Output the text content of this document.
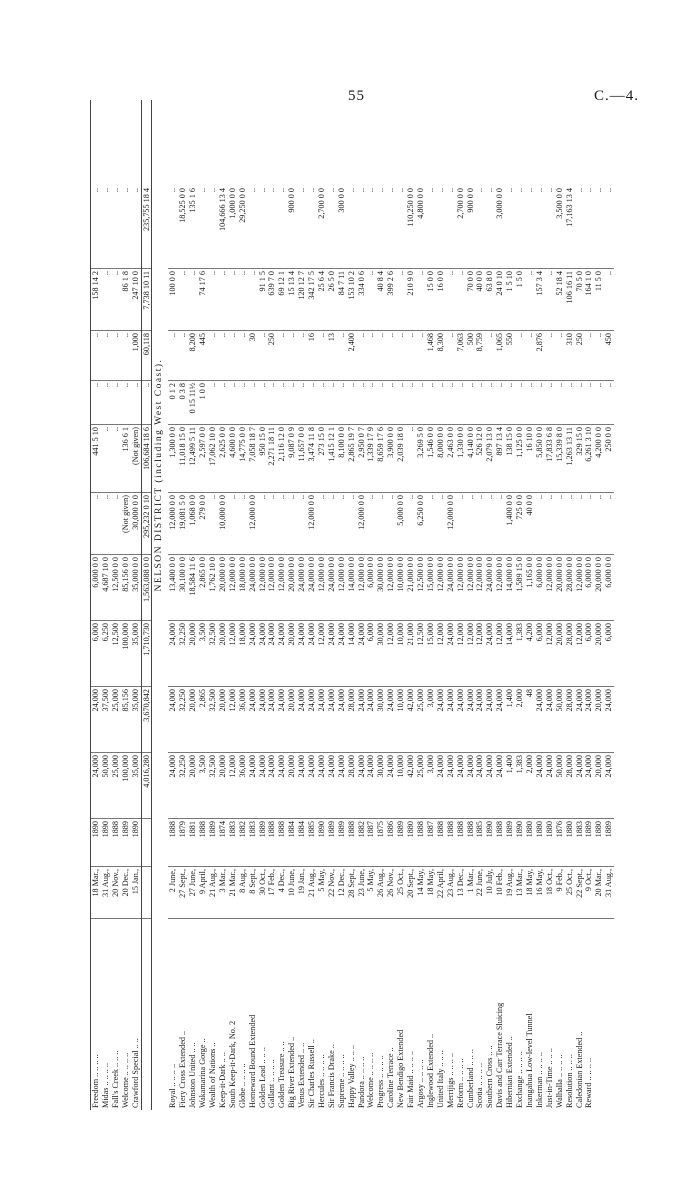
55	C.—4.
Freedom .. .. .. ..
18 Mar.,
1890
24,000
24,000
6,000
6,000 0 0
..
441 5 10
..
..
158 14 2
..
Midas .. .. .. ..
31 Aug.,
1890
50,000
37,500
6,250
4,687 10 0
..
..
..
..
..
..
Fall's Creek .. .. ..
20 Nov.,
1888
25,000
25,000
12,500
12,500 0 0
..
..
..
..
..
..
Welcome .. .. .. ..
20 Dec.,
1889
100,000
85,156
100,000
85,156 0 0
(Not given)
136 6 1
..
..
86 1 8
..
Crawford Special .. ..
15 Jan.,
1890
35,000
35,000
35,000
35,000 0 0
30,000 0 0
(Not given)
..
1,000
247 10 0
..

4,016,280
3,670,842
1,710,730
1,563,088 0 0
295,232 0 10
106,684 18 6
..
60,118
7,738 10 11
235,755 18 4
NELSON DISTRICT (including West Coast).
Royal .. .. .. ..
2 June,
1888
24,000
24,000
24,000
13,400 0 0
12,000 0 0
1,300 0 0
0 1 2
..
100 0 0
..
Fiery Cross Extended ..
27 Sept.,
1879
32,250
32,250
32,250
30,100 0 0
19,081 5 0
11,018 15 0
0 3 8
..
..
18,525 0 0
Johnston United .. ..
27 June,
1881
20,000
20,000
20,000
18,584 11 6
1,068 0 0
12,499 5 11
0 15 11½
8,200
..
135 1 6
Wakamarina Gorge ..
9 April,
1888
3,500
2,865
3,500
2,865 0 0
279 0 0
2,597 0 0
1 0 0
445
74 17 6
..
Wealth of Nations ..
21 Aug.,
1889
32,500
32,500
32,500
1,762 10 0
..
17,062 10 0
..
..
..
..
Keep-it-Dark .. ..
3 Mar.,
1874
20,000
20,000
20,000
20,000 0 0
10,000 0 0
2,625 0 0
..
..
..
104,666 13 4
South Keep-it-Dark, No. 2
21 Mar.,
1883
12,000
12,000
12,000
12,000 0 0
..
4,600 0 0
..
..
..
1,000 0 0
Globe .. .. .. ..
8 Aug.,
1882
36,000
36,000
18,000
18,000 0 0
..
14,775 0 0
..
..
..
29,250 0 0
Homeward Bound Extended
8 Sept.,
1883
24,000
24,000
24,000
24,000 0 0
12,000 0 0
7,058 18 7
..
30
..
..
Golden Lead .. .. ..
30 Oct.,
1889
24,000
24,000
24,000
12,000 0 0
..
950 15 0
..
..
91 1 5
..
Gallant .. .. .. ..
17 Feb.,
1888
24,000
24,000
24,000
12,000 0 0
..
2,271 18 11
..
250
639 7 0
..
Golden Treasure .. ..
4 Dec.,
1888
24,000
24,000
24,000
12,000 0 0
..
2,116 12 0
..
..
69 12 1
..
Big River Extended ..
10 June,
1884
20,000
20,000
20,000
20,000 0 0
..
9,087 0 9
..
..
15 13 4
900 0 0
Venus Extended .. ..
19 Jan.,
1884
24,000
24,000
24,000
24,000 0 0
..
11,657 0 0
..
..
120 12 7
..
Sir Charles Russell ..
21 Aug.,
1885
24,000
24,000
24,000
24,000 0 0
12,000 0 0
3,474 11 8
..
16
342 17 5
..
Hercules .. .. .. ..
5 May,
1890
24,000
24,000
12,000
12,000 0 0
..
273 15 0
..
..
25 6 4
2,700 0 0
Sir Francis Drake ..
22 Nov.,
1889
24,000
24,000
24,000
24,000 0 0
..
1,415 12 1
..
13
26 5 0
..
Supreme .. .. .. ..
12 Dec.,
1889
24,000
24,000
24,000
12,000 0 0
..
8,100 0 0
..
..
84 7 11
300 0 0
Happy Valley .. .. ..
28 Sept.,
1888
28,000
28,000
14,000
14,000 0 0
..
2,865 19 7
..
2,400
153 10 2
..
Pandora .. .. .. ..
23 June,
1882
24,000
24,000
24,000
12,000 0 0
12,000 0 0
2,950 0 7
..
..
334 0 6
..
Welcome .. .. .. ..
5 May,
1887
24,000
24,000
6,000
6,000 0 0
..
1,339 17 9
..
..
..
..
Progress .. .. .. ..
26 Aug.,
1875
30,000
30,000
30,000
30,000 0 0
..
8,659 17 6
..
..
40 8 4
..
Caroline Terrace ..
26 Nov.,
1886
24,000
24,000
12,000
12,000 0 0
..
3,900 0 0
..
..
399 2 6
..
New Bendigo Extended
25 Oct.,
1889
10,000
10,000
10,000
10,000 0 0
5,000 0 0
2,039 18 0
..
..
..
..
Fair Maid .. .. .. ..
20 Sept.,
1880
42,000
42,000
21,000
21,000 0 0
..
..
..
..
210 9 0
110,250 0 0
Argosy .. .. .. ..
14 May,
1888
25,000
25,000
12,500
12,500 0 0
6,250 0 0
3,269 5 0
..
..
..
4,800 0 0
Inglewood Extended ..
18 May,
1887
3,000
3,000
15,000
15,000 0 0
..
1,546 0 0
..
1,468
15 0 0
..
United Italy .. .. ..
22 April,
1888
24,000
24,000
12,000
12,000 0 0
..
8,000 0 0
..
8,300
16 0 0
..
Merrijigs .. .. .. ..
23 Aug.,
1888
24,000
24,000
24,000
24,000 0 0
12,000 0 0
2,463 0 0
..
..
..
..
Reform .. .. .. ..
13 Dec.,
1888
24,000
24,000
12,000
12,000 0 0
..
1,330 0 0
..
7,063
..
2,700 0 0
Cumberland .. .. ..
1 Mar.,
1888
24,000
24,000
12,000
12,000 0 0
..
4,140 0 0
..
500
70 0 0
900 0 0
Scotia .. .. .. ..
22 June,
1885
24,000
24,000
12,000
12,000 0 0
..
526 12 0
..
8,759
40 0 0
..
Southern Cross .. ..
10 July,
1890
24,000
24,000
24,000
24,000 0 0
..
2,079 13 0
..
..
63 8 0
..
Davis and Carr Terrace Sluicing
10 Feb.,
1888
24,000
24,000
12,000
12,000 0 0
..
897 13 4
..
1,065
24 0 10
3,000 0 0
Hibernian Extended ..
19 Aug.,
1889
1,400
1,400
14,000
14,000 0 0
1,400 0 0
138 15 0
..
550
1 5 10
..
Exchange .. .. .. ..
13 Mar.,
1890
1,383
2,000
1,383
1,589 15 0
725 0 0
1,125 0 0
..
..
1 5 0
..
Inangahua Low-level Tunnel
18 May,
1880
2,000
48
4,200
1,165 0 0
40 0 0
16 10 0
..
..
..
..
Inkerman .. .. .. ..
16 May,
1880
24,000
24,000
6,000
6,000 0 0
..
5,850 0 0
..
2,876
157 3 4
..
Just-in-Time .. .. ..
18 Oct.,
1880
24,000
24,000
12,000
12,000 0 0
..
17,833 6 8
..
..
..
..
Walhalla .. .. .. ..
9 Feb.,
1876
50,000
50,000
20,000
20,000 0 0
..
15,339 8 0
..
..
52 18 4
3,500 0 0
Resolution .. .. ..
25 Oct.,
1880
28,000
28,000
28,000
28,000 0 0
..
1,263 13 11
..
310
106 16 11
17,163 13 4
Caledonian Extended ..
22 Sept.,
1883
24,000
24,000
12,000
12,000 0 0
..
329 15 0
..
250
70 5 0
..
Reward .. .. .. ..
9 Oct.,
1889
24,000
24,000
6,000
6,000 0 0
..
6,261 3 10
..
..
164 1 0
..

20 Mar.,
1880
20,000
20,000
20,000
20,000 0 0
..
4,200 0 0
..
..
11 5 0
..

31 Aug.,
1889
24,000
24,000
6,000
6,000 0 0
..
250 0 0
..
450
..
..
